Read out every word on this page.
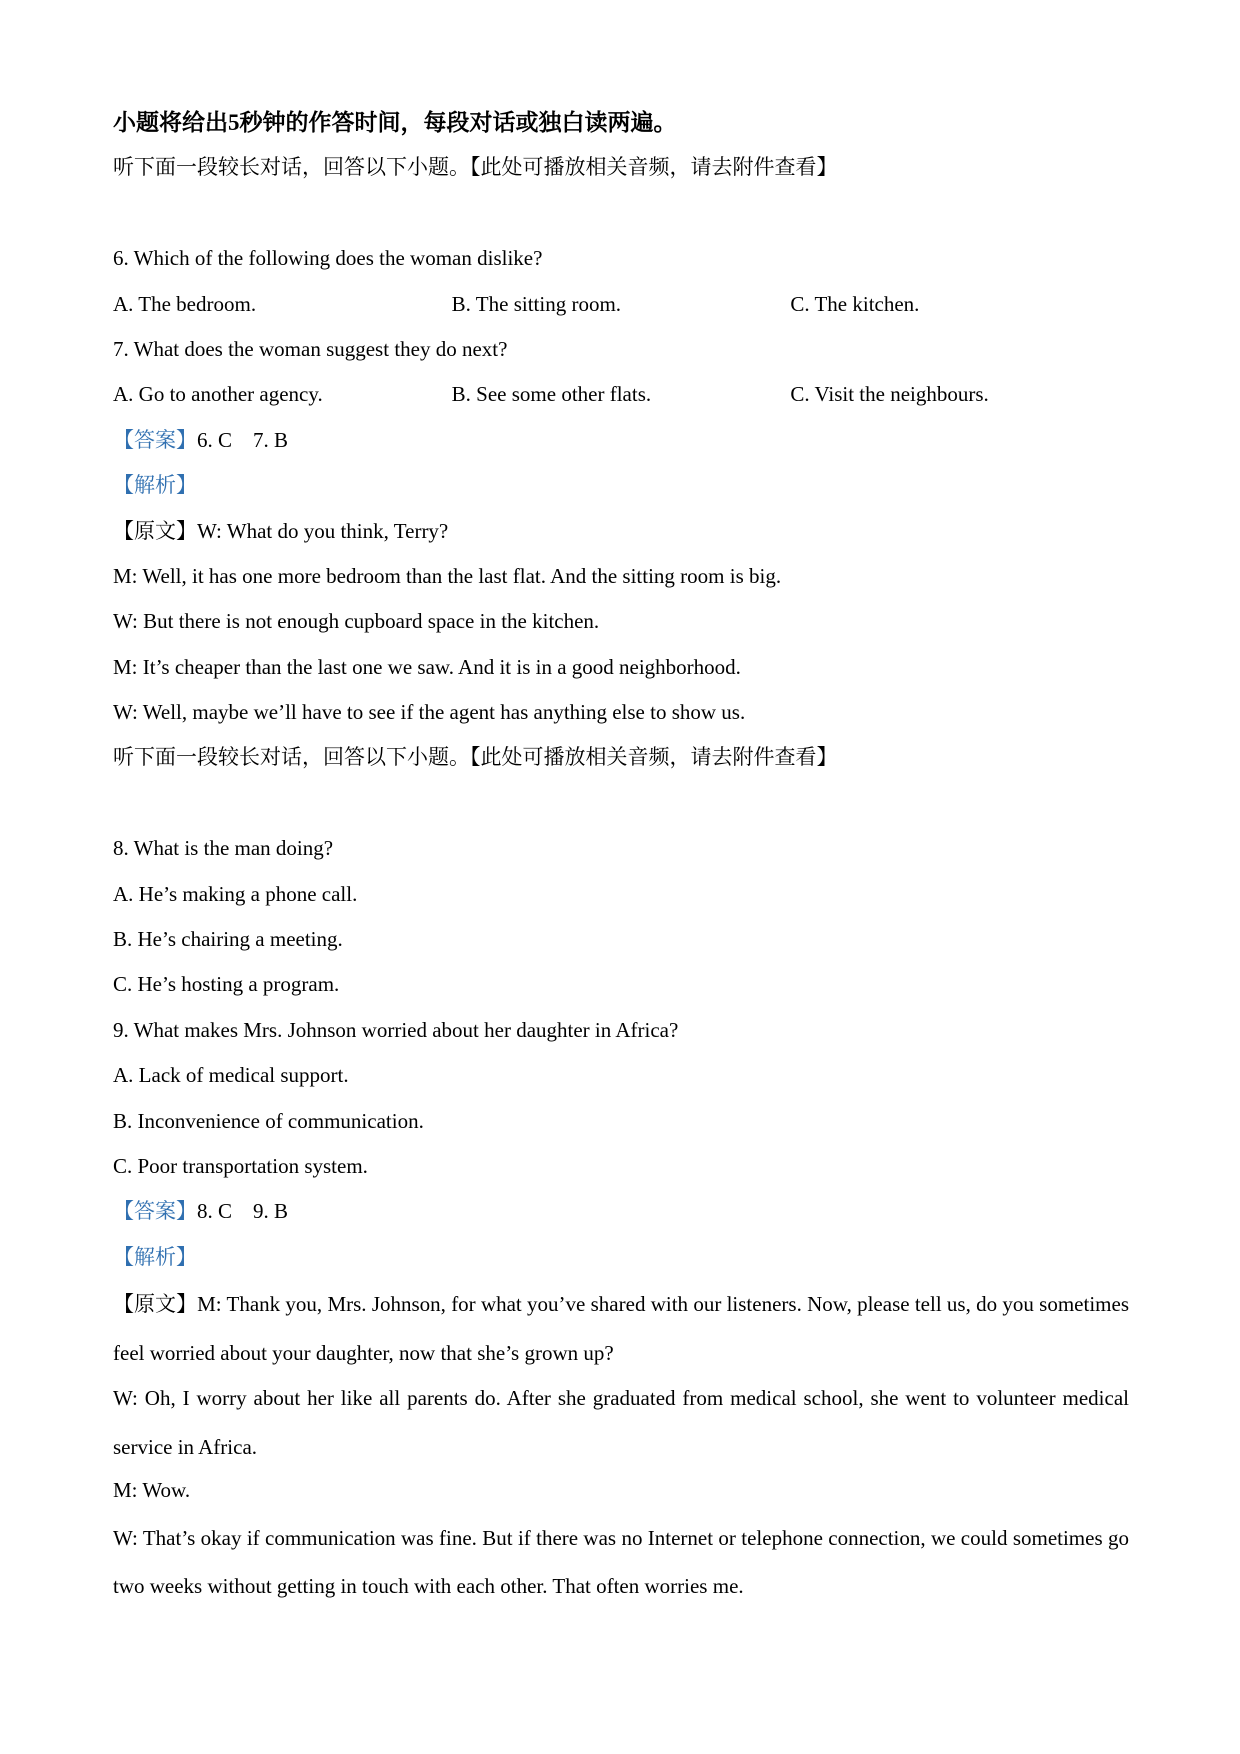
小题将给出5秒钟的作答时间，每段对话或独白读两遍。
听下面一段较长对话，回答以下小题。【此处可播放相关音频，请去附件查看】
6. Which of the following does the woman dislike?
A. The bedroom.	B. The sitting room.	C. The kitchen.
7. What does the woman suggest they do next?
A. Go to another agency.	B. See some other flats.	C. Visit the neighbours.
【答案】6. C    7. B
【解析】
【原文】W: What do you think, Terry?
M: Well, it has one more bedroom than the last flat. And the sitting room is big.
W: But there is not enough cupboard space in the kitchen.
M: It’s cheaper than the last one we saw. And it is in a good neighborhood.
W: Well, maybe we’ll have to see if the agent has anything else to show us.
听下面一段较长对话，回答以下小题。【此处可播放相关音频，请去附件查看】
8. What is the man doing?
A. He’s making a phone call.
B. He’s chairing a meeting.
C. He’s hosting a program.
9. What makes Mrs. Johnson worried about her daughter in Africa?
A. Lack of medical support.
B. Inconvenience of communication.
C. Poor transportation system.
【答案】8. C    9. B
【解析】
【原文】M: Thank you, Mrs. Johnson, for what you’ve shared with our listeners. Now, please tell us, do you sometimes feel worried about your daughter, now that she’s grown up?
W: Oh, I worry about her like all parents do. After she graduated from medical school, she went to volunteer medical service in Africa.
M: Wow.
W: That’s okay if communication was fine. But if there was no Internet or telephone connection, we could sometimes go two weeks without getting in touch with each other. That often worries me.
